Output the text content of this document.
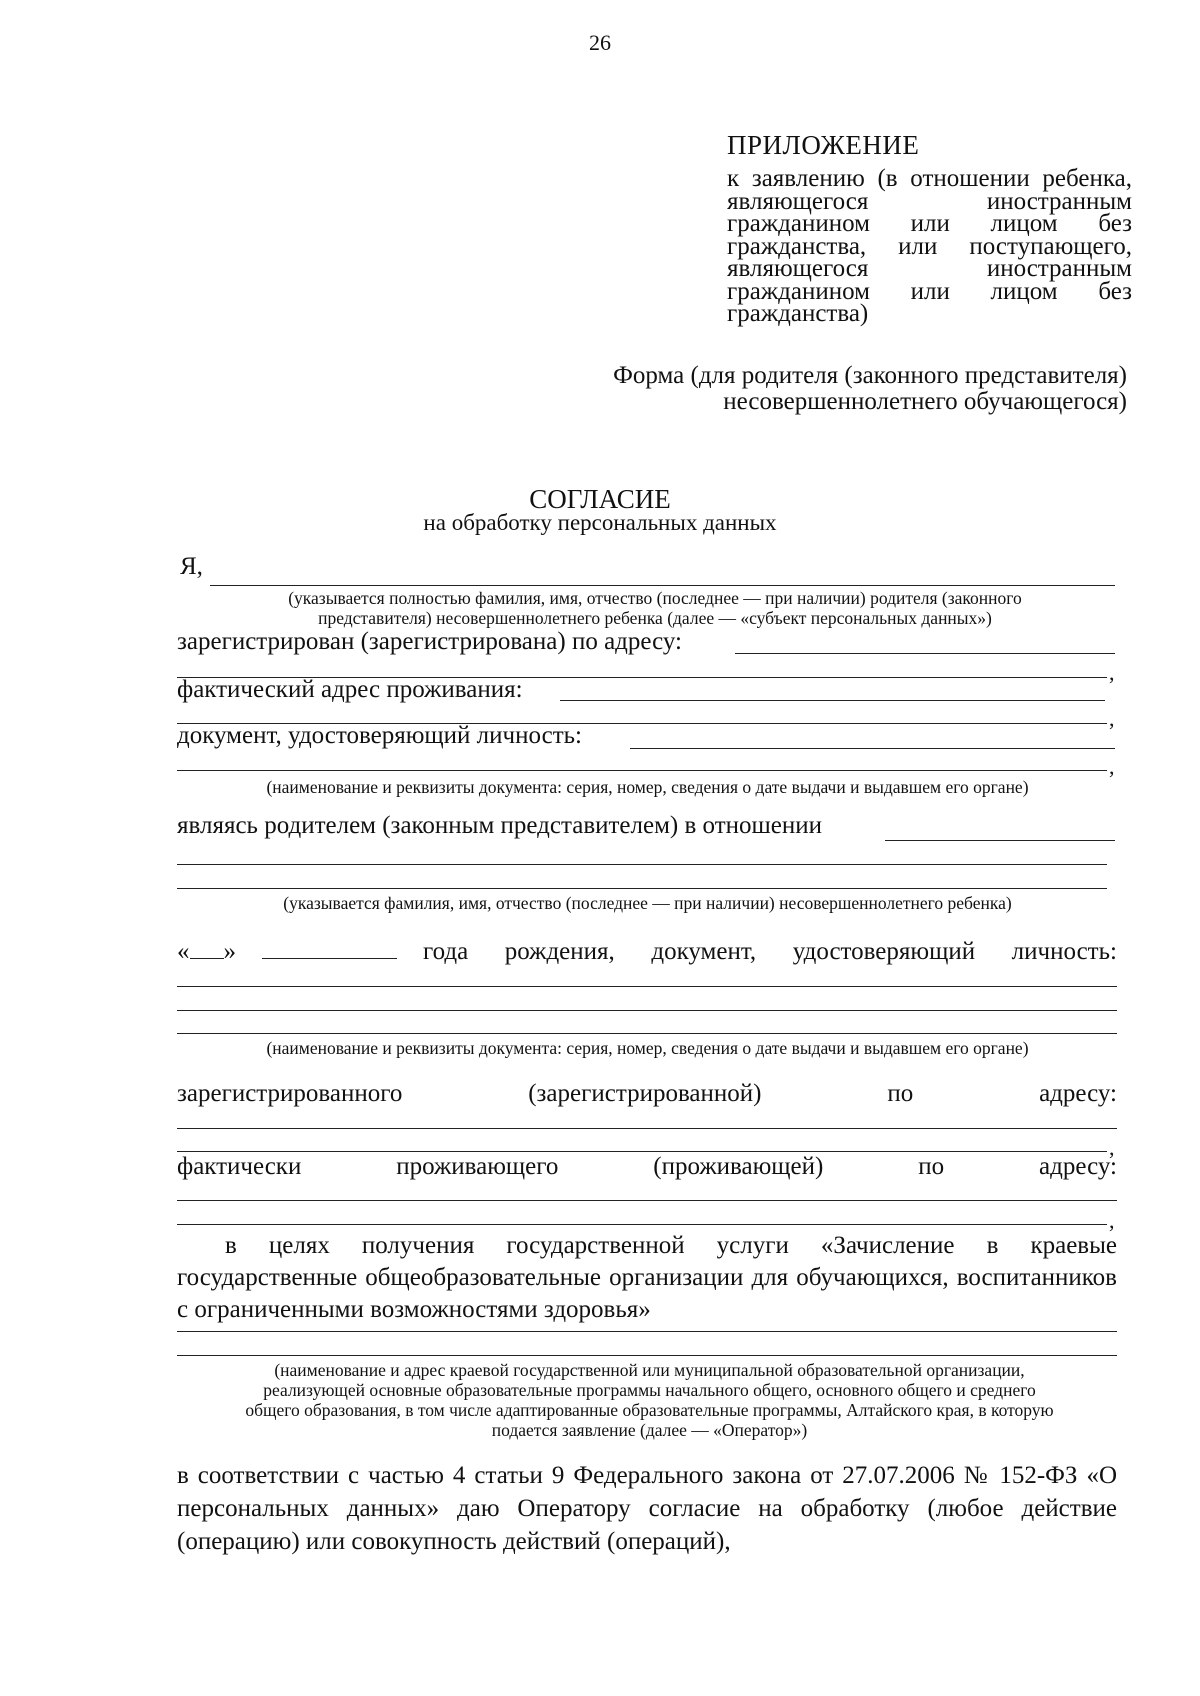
26
ПРИЛОЖЕНИЕ
к заявлению (в отношении ребенка, являющегося иностранным гражданином или лицом без гражданства, или поступающего, являющегося иностранным гражданином или лицом без гражданства)
Форма (для родителя (законного представителя)
несовершеннолетнего обучающегося)
СОГЛАСИЕ
на обработку персональных данных
Я,
(указывается полностью фамилия, имя, отчество (последнее — при наличии) родителя (законного
представителя) несовершеннолетнего ребенка (далее — «субъект персональных данных»)
зарегистрирован (зарегистрирована) по адресу:
,
фактический адрес проживания:
,
документ, удостоверяющий личность:
,
(наименование и реквизиты документа: серия, номер, сведения о дате выдачи и выдавшем его органе)
являясь родителем (законным представителем) в отношении
(указывается фамилия, имя, отчество (последнее — при наличии) несовершеннолетнего ребенка)
« »	года рождения, документ, удостоверяющий личность:
(наименование и реквизиты документа: серия, номер, сведения о дате выдачи и выдавшем его органе)
зарегистрированного	(зарегистрированной)	по	адресу:
,
фактически	проживающего	(проживающей)	по	адресу:
,
в целях получения государственной услуги «Зачисление в краевые государственные общеобразовательные организации для обучающихся, воспитанников с ограниченными возможностями здоровья»
(наименование и адрес краевой государственной или муниципальной образовательной организации,
реализующей основные образовательные программы начального общего, основного общего и среднего
общего образования, в том числе адаптированные образовательные программы, Алтайского края, в которую
подается заявление (далее — «Оператор»)
в соответствии с частью 4 статьи 9 Федерального закона от 27.07.2006 № 152-ФЗ «О персональных данных» даю Оператору согласие на обработку (любое действие (операцию) или совокупность действий (операций),
